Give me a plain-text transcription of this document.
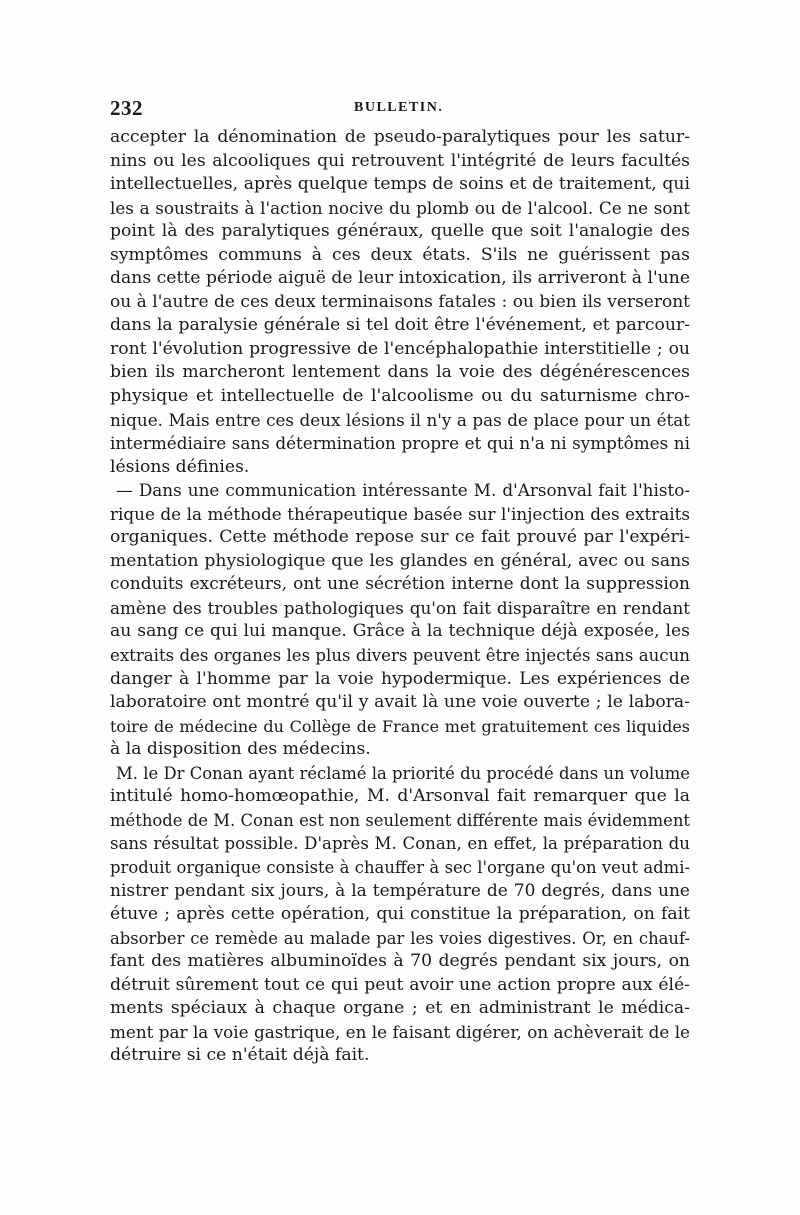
232	BULLETIN.
accepter la dénomination de pseudo-paralytiques pour les satur-
nins ou les alcooliques qui retrouvent l'intégrité de leurs facultés
intellectuelles, après quelque temps de soins et de traitement, qui
les a soustraits à l'action nocive du plomb ou de l'alcool. Ce ne sont
point là des paralytiques généraux, quelle que soit l'analogie des
symptômes communs à ces deux états. S'ils ne guérissent pas
dans cette période aiguë de leur intoxication, ils arriveront à l'une
ou à l'autre de ces deux terminaisons fatales : ou bien ils verseront
dans la paralysie générale si tel doit être l'événement, et parcour-
ront l'évolution progressive de l'encéphalopathie interstitielle ; ou
bien ils marcheront lentement dans la voie des dégénérescences
physique et intellectuelle de l'alcoolisme ou du saturnisme chro-
nique. Mais entre ces deux lésions il n'y a pas de place pour un état
intermédiaire sans détermination propre et qui n'a ni symptômes ni
lésions définies.
— Dans une communication intéressante M. d'Arsonval fait l'histo-
rique de la méthode thérapeutique basée sur l'injection des extraits
organiques. Cette méthode repose sur ce fait prouvé par l'expéri-
mentation physiologique que les glandes en général, avec ou sans
conduits excréteurs, ont une sécrétion interne dont la suppression
amène des troubles pathologiques qu'on fait disparaître en rendant
au sang ce qui lui manque. Grâce à la technique déjà exposée, les
extraits des organes les plus divers peuvent être injectés sans aucun
danger à l'homme par la voie hypodermique. Les expériences de
laboratoire ont montré qu'il y avait là une voie ouverte ; le labora-
toire de médecine du Collège de France met gratuitement ces liquides
à la disposition des médecins.
M. le Dr Conan ayant réclamé la priorité du procédé dans un volume
intitulé homo-homœopathie, M. d'Arsonval fait remarquer que la
méthode de M. Conan est non seulement différente mais évidemment
sans résultat possible. D'après M. Conan, en effet, la préparation du
produit organique consiste à chauffer à sec l'organe qu'on veut admi-
nistrer pendant six jours, à la température de 70 degrés, dans une
étuve ; après cette opération, qui constitue la préparation, on fait
absorber ce remède au malade par les voies digestives. Or, en chauf-
fant des matières albuminoïdes à 70 degrés pendant six jours, on
détruit sûrement tout ce qui peut avoir une action propre aux élé-
ments spéciaux à chaque organe ; et en administrant le médica-
ment par la voie gastrique, en le faisant digérer, on achèverait de le
détruire si ce n'était déjà fait.
